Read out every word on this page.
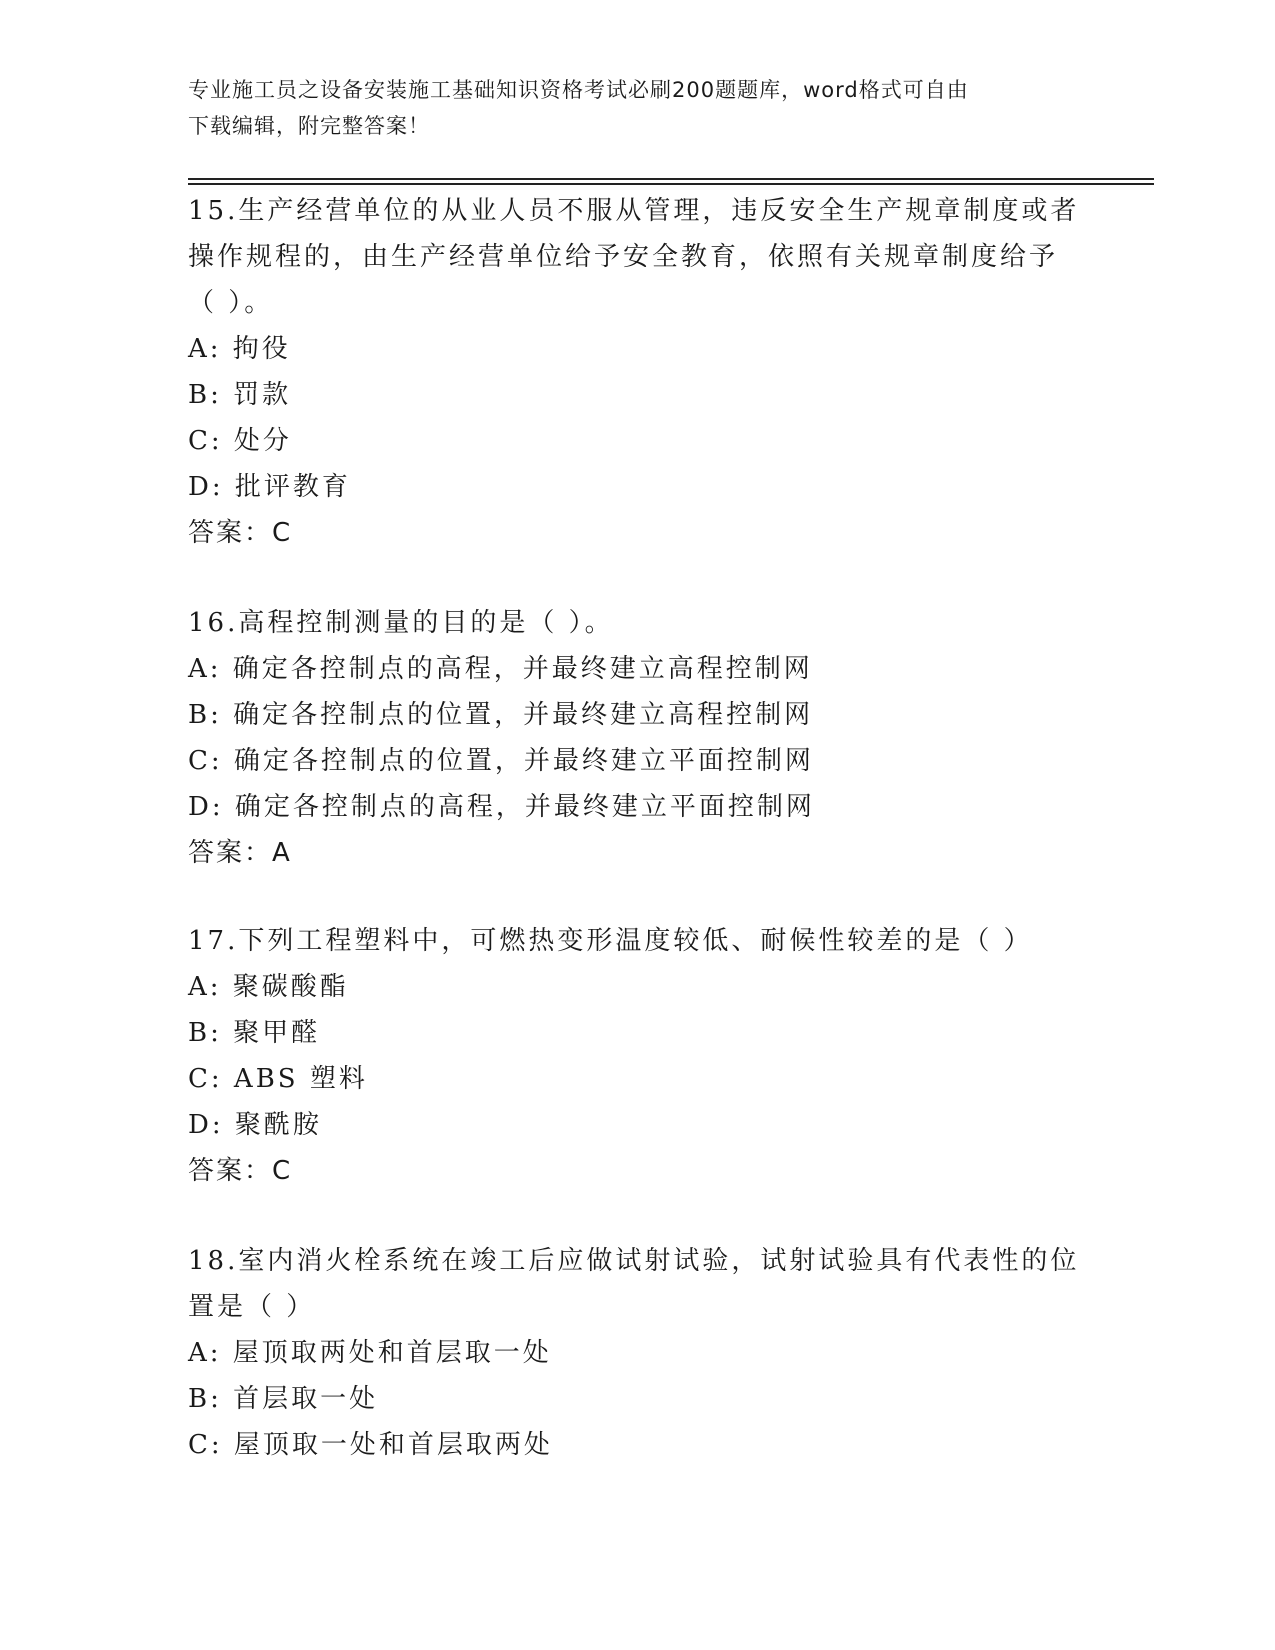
专业施工员之设备安装施工基础知识资格考试必刷200题题库，word格式可自由
下载编辑，附完整答案！

15.生产经营单位的从业人员不服从管理，违反安全生产规章制度或者

操作规程的，由生产经营单位给予安全教育，依照有关规章制度给予

（ ）。

A: 拘役

B: 罚款

C: 处分

D: 批评教育

答案：C

16.高程控制测量的目的是（ ）。

A: 确定各控制点的高程，并最终建立高程控制网

B: 确定各控制点的位置，并最终建立高程控制网

C: 确定各控制点的位置，并最终建立平面控制网

D: 确定各控制点的高程，并最终建立平面控制网

答案：A

17.下列工程塑料中，可燃热变形温度较低、耐候性较差的是（ ）

A: 聚碳酸酯

B: 聚甲醛

C: ABS 塑料

D: 聚酰胺

答案：C

18.室内消火栓系统在竣工后应做试射试验，试射试验具有代表性的位

置是（ ）

A: 屋顶取两处和首层取一处

B: 首层取一处

C: 屋顶取一处和首层取两处
